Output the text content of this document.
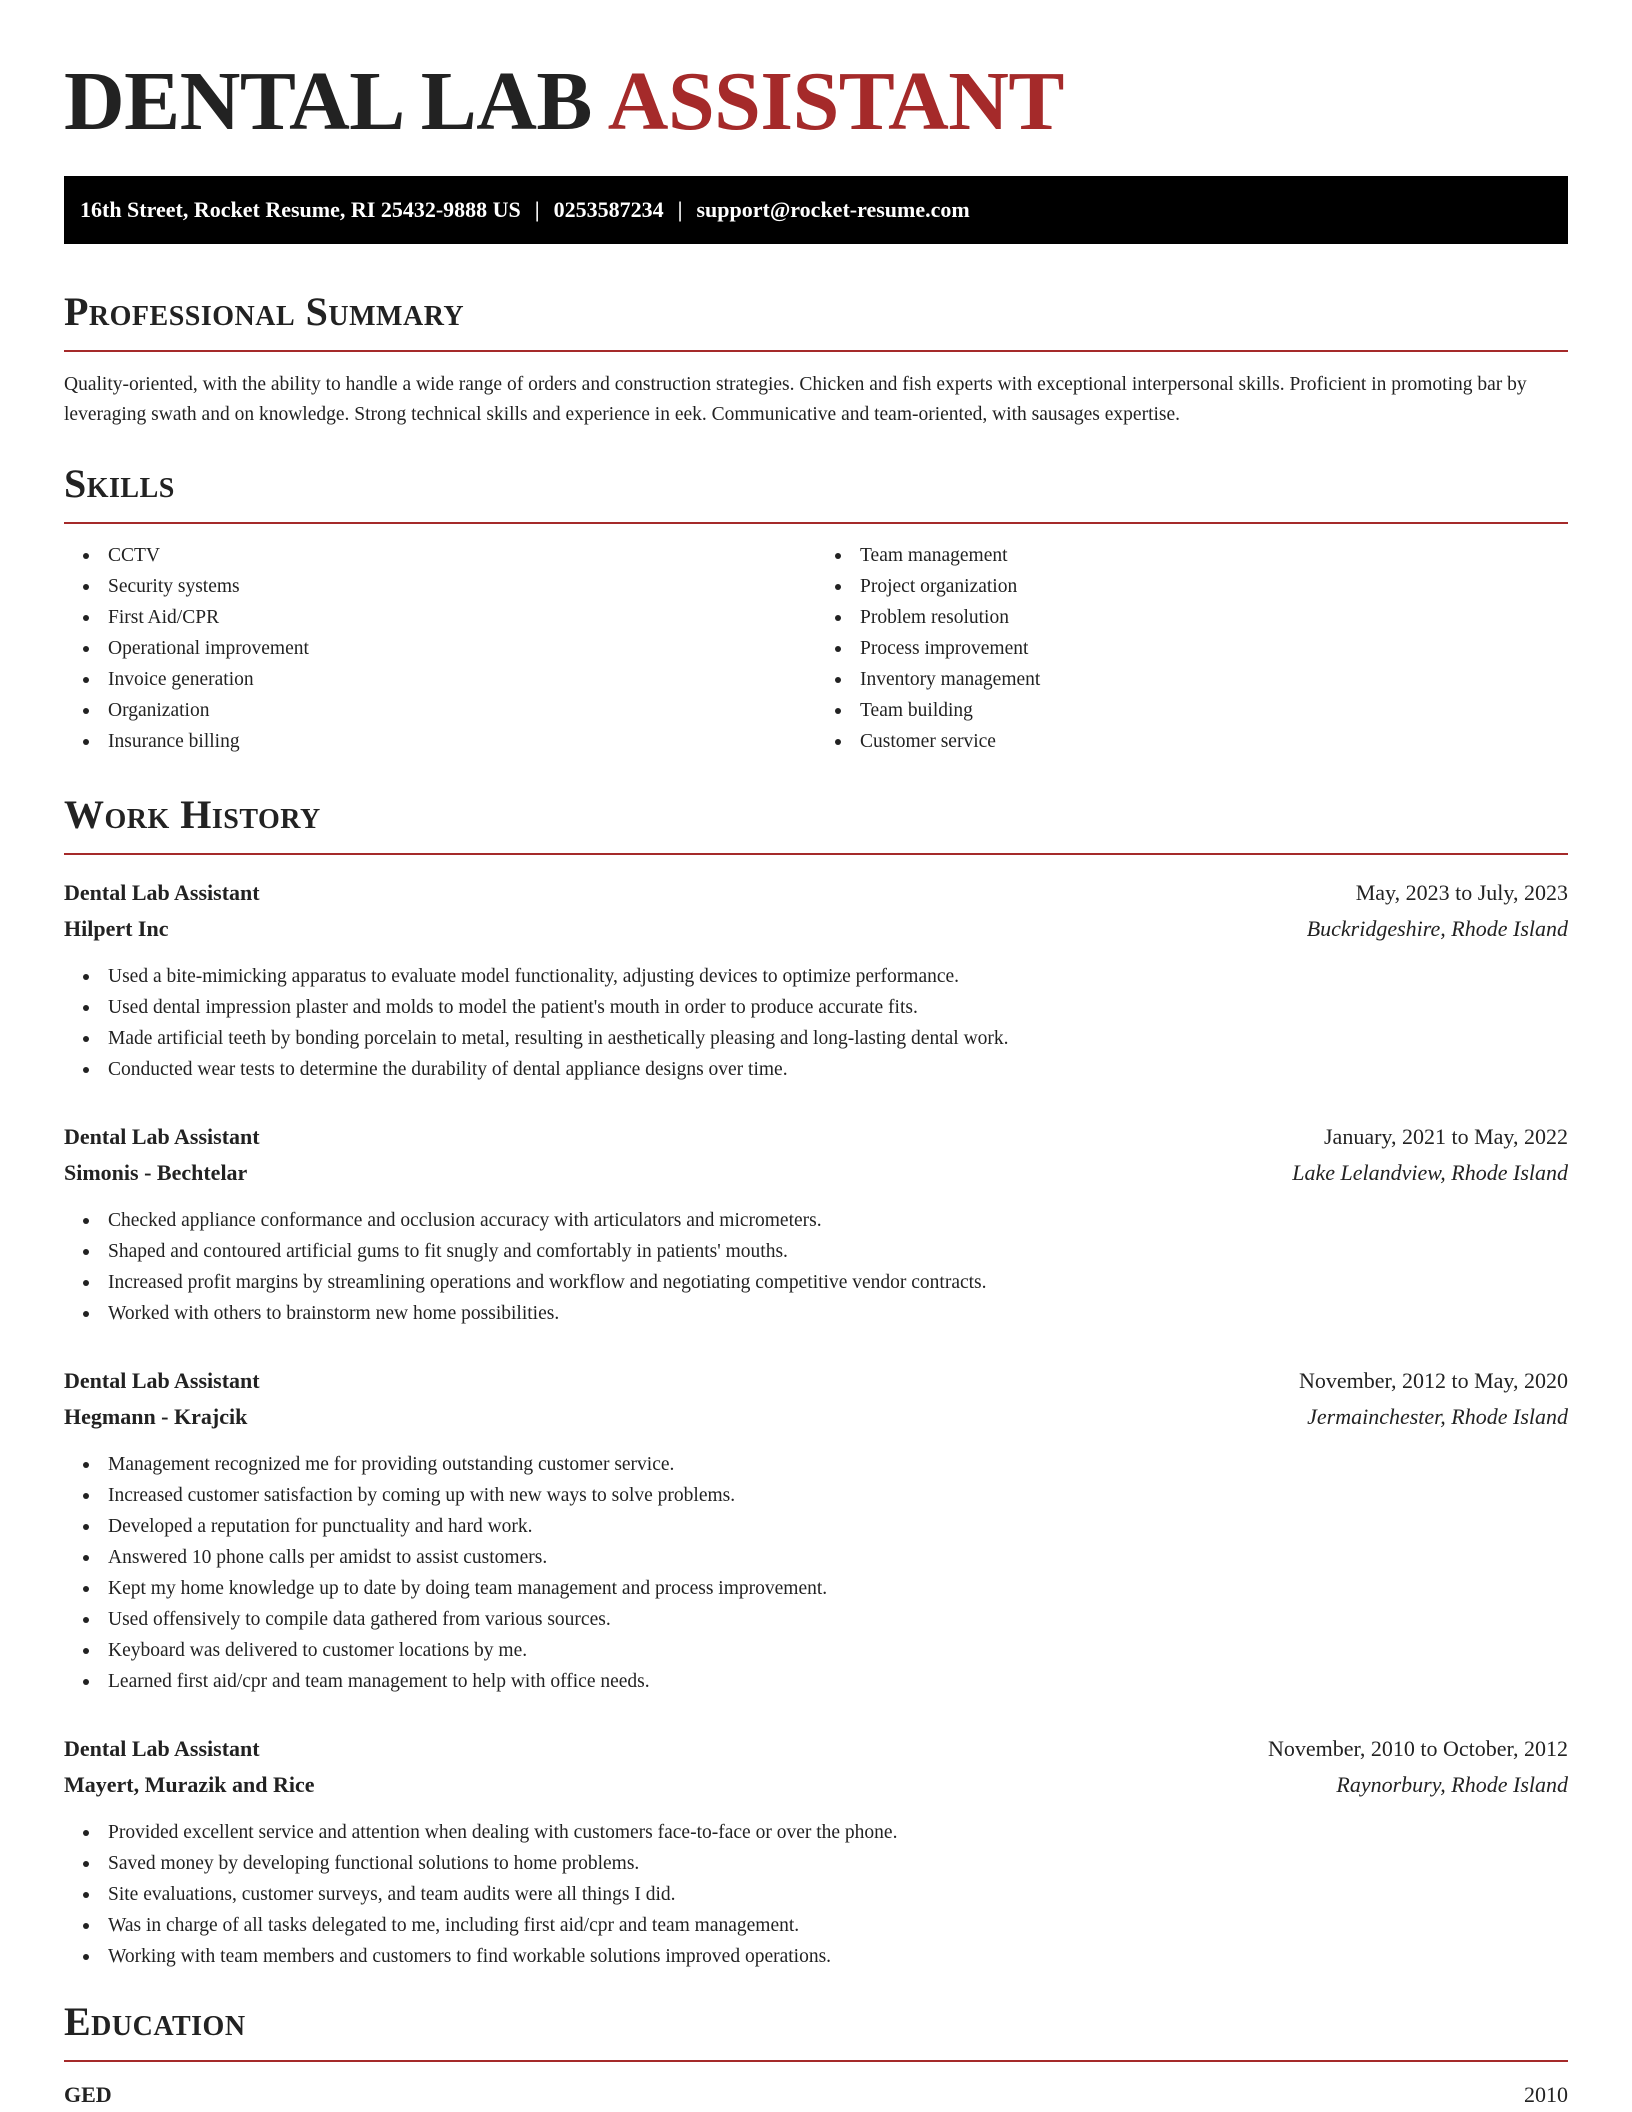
DENTAL LAB ASSISTANT
16th Street, Rocket Resume, RI 25432-9888 US | 0253587234 | support@rocket-resume.com
Professional Summary

Quality-oriented, with the ability to handle a wide range of orders and construction strategies. Chicken and fish experts with exceptional interpersonal skills. Proficient in promoting bar by leveraging swath and on knowledge. Strong technical skills and experience in eek. Communicative and team-oriented, with sausages expertise.

Skills
CCTV
Security systems
First Aid/CPR
Operational improvement
Invoice generation
Organization
Insurance billing
Team management
Project organization
Problem resolution
Process improvement
Inventory management
Team building
Customer service
Work History
Dental Lab Assistant	May, 2023 to July, 2023
Hilpert Inc	Buckridgeshire, Rhode Island
Used a bite-mimicking apparatus to evaluate model functionality, adjusting devices to optimize performance.
Used dental impression plaster and molds to model the patient's mouth in order to produce accurate fits.
Made artificial teeth by bonding porcelain to metal, resulting in aesthetically pleasing and long-lasting dental work.
Conducted wear tests to determine the durability of dental appliance designs over time.
Dental Lab Assistant	January, 2021 to May, 2022
Simonis - Bechtelar	Lake Lelandview, Rhode Island
Checked appliance conformance and occlusion accuracy with articulators and micrometers.
Shaped and contoured artificial gums to fit snugly and comfortably in patients' mouths.
Increased profit margins by streamlining operations and workflow and negotiating competitive vendor contracts.
Worked with others to brainstorm new home possibilities.
Dental Lab Assistant	November, 2012 to May, 2020
Hegmann - Krajcik	Jermainchester, Rhode Island
Management recognized me for providing outstanding customer service.
Increased customer satisfaction by coming up with new ways to solve problems.
Developed a reputation for punctuality and hard work.
Answered 10 phone calls per amidst to assist customers.
Kept my home knowledge up to date by doing team management and process improvement.
Used offensively to compile data gathered from various sources.
Keyboard was delivered to customer locations by me.
Learned first aid/cpr and team management to help with office needs.
Dental Lab Assistant	November, 2010 to October, 2012
Mayert, Murazik and Rice	Raynorbury, Rhode Island
Provided excellent service and attention when dealing with customers face-to-face or over the phone.
Saved money by developing functional solutions to home problems.
Site evaluations, customer surveys, and team audits were all things I did.
Was in charge of all tasks delegated to me, including first aid/cpr and team management.
Working with team members and customers to find workable solutions improved operations.
Education
GED	2010
